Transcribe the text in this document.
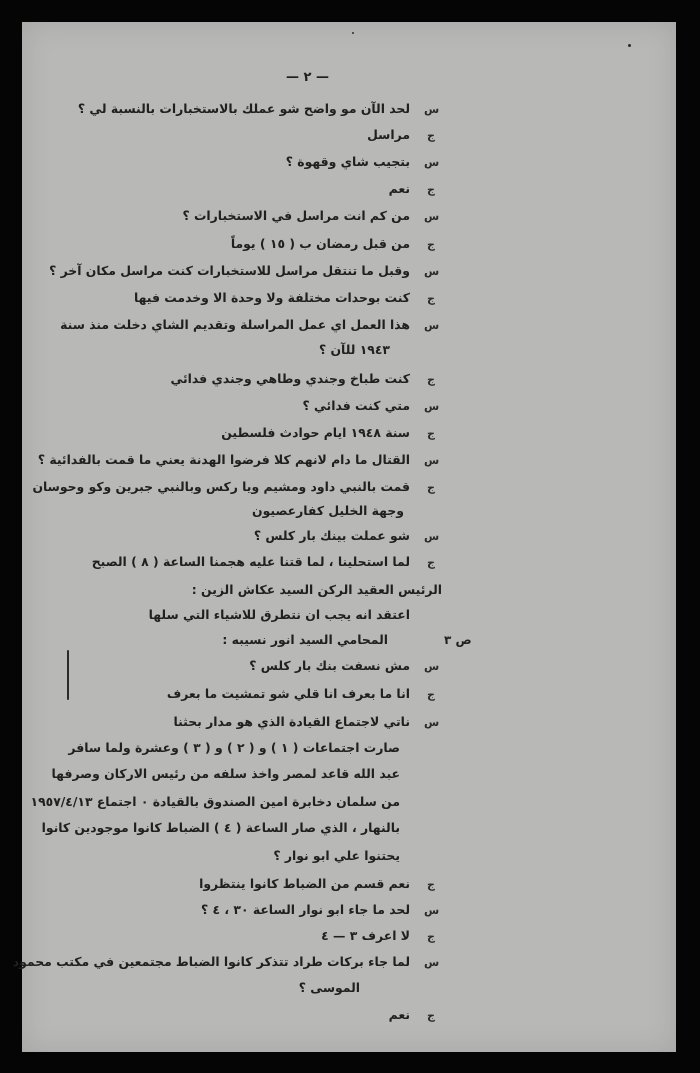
— ٢ —
س
ج
س
ج
س
ج
س
ج
س
ج
س
ج
س
ج
س
ج
س
ج
س
ج
س
ج
س
ج
لحد الآن مو واضح شو عملك بالاستخبارات بالنسبة لي ؟
مراسل
بتجيب شاي وقهوة ؟
نعم
من كم انت مراسل في الاستخبارات ؟
من قبل رمضان ب ( ١٥ ) يوماً
وقبل ما تنتقل مراسل للاستخبارات كنت مراسل مكان آخر ؟
كنت بوحدات مختلفة ولا وحدة الا وخدمت فيها
هذا العمل اي عمل المراسلة وتقديم الشاي دخلت منذ سنة
١٩٤٣ للآن ؟
كنت طباخ وجندي وطاهي وجندي فدائي
متي كنت فدائي ؟
سنة ١٩٤٨ ايام حوادث فلسطين
القتال ما دام لانهم كلا فرضوا الهدنة يعني ما قمت بالفدائية ؟
قمت بالنبي داود ومشيم ويا ركس وبالنبي جبرين وكو وحوسان
وجهة الخليل كفارعصيون
شو عملت بينك بار كلس ؟
لما استحلينا ، لما قتنا عليه هجمنا الساعة ( ٨ ) الصبح
الرئيس العقيد الركن السيد عكاش الزين :
اعتقد انه يجب ان نتطرق للاشياء التي سلها
المحامي السيد انور نسيبه :	ص ٣
مش نسفت بنك بار كلس ؟
انا ما بعرف انا قلي شو تمشيت ما بعرف
ناتي لاجتماع القيادة الذي هو مدار بحثنا
صارت اجتماعات ( ١ ) و ( ٢ ) و ( ٣ ) وعشرة ولما سافر
عبد الله قاعد لمصر واخذ سلفه من رئيس الاركان وصرفها
من سلمان دخابرة امين الصندوق بالقيادة ٠ اجتماع ١٩٥٧/٤/١٣
بالنهار ، الذي صار الساعة ( ٤ ) الضباط كانوا موجودين كانوا
يحتنوا علي ابو نوار ؟
نعم قسم من الضباط كانوا ينتظروا
لحد ما جاء ابو نوار الساعة ٣٠ ، ٤ ؟
لا اعرف ٣ — ٤
لما جاء بركات طراد تتذكر كانوا الضباط مجتمعين في مكتب محمود
الموسى ؟
نعم
